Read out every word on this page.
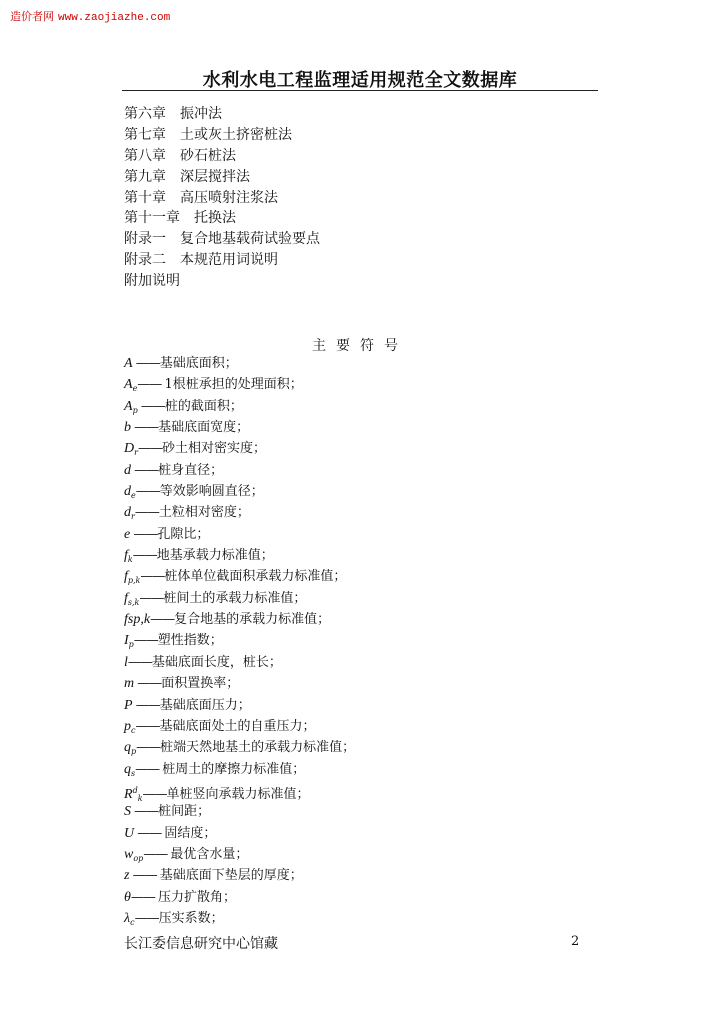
造价者网 www.zaojiazhe.com
水利水电工程监理适用规范全文数据库
第六章 振冲法
第七章 土或灰土挤密桩法
第八章 砂石桩法
第九章 深层搅拌法
第十章 高压喷射注浆法
第十一章 托换法
附录一 复合地基载荷试验要点
附录二 本规范用词说明
附加说明
主要符号
A ——基础底面积；
$A_e——$ 1根桩承担的处理面积；
$A_p$ ——桩的截面积；
b ——基础底面宽度；
$D_r——$砂土相对密实度；
d ——桩身直径；
$d_e——$等效影响圆直径；
$d_r——$土粒相对密度；
e ——孔隙比；
$f_k——$地基承载力标准值；
$f_{p,k}——$桩体单位截面积承载力标准值；
$f_{s,k}——$桩间土的承载力标准值；
fsp,k——复合地基的承载力标准值；
$I_p——$塑性指数；
l——基础底面长度，桩长；
m ——面积置换率；
P ——基础底面压力；
$p_c——$基础底面处土的自重压力；
$q_p——$桩端天然地基土的承载力标准值；
$q_s——$ 桩周土的摩擦力标准值；
$R^d_k——$单桩竖向承载力标准值；
S ——桩间距；
U —— 固结度；
$w_{op}——$ 最优含水量；
z —— 基础底面下垫层的厚度；
θ—— 压力扩散角；
$\lambda_c——$压实系数；
长江委信息研究中心馆藏	2
